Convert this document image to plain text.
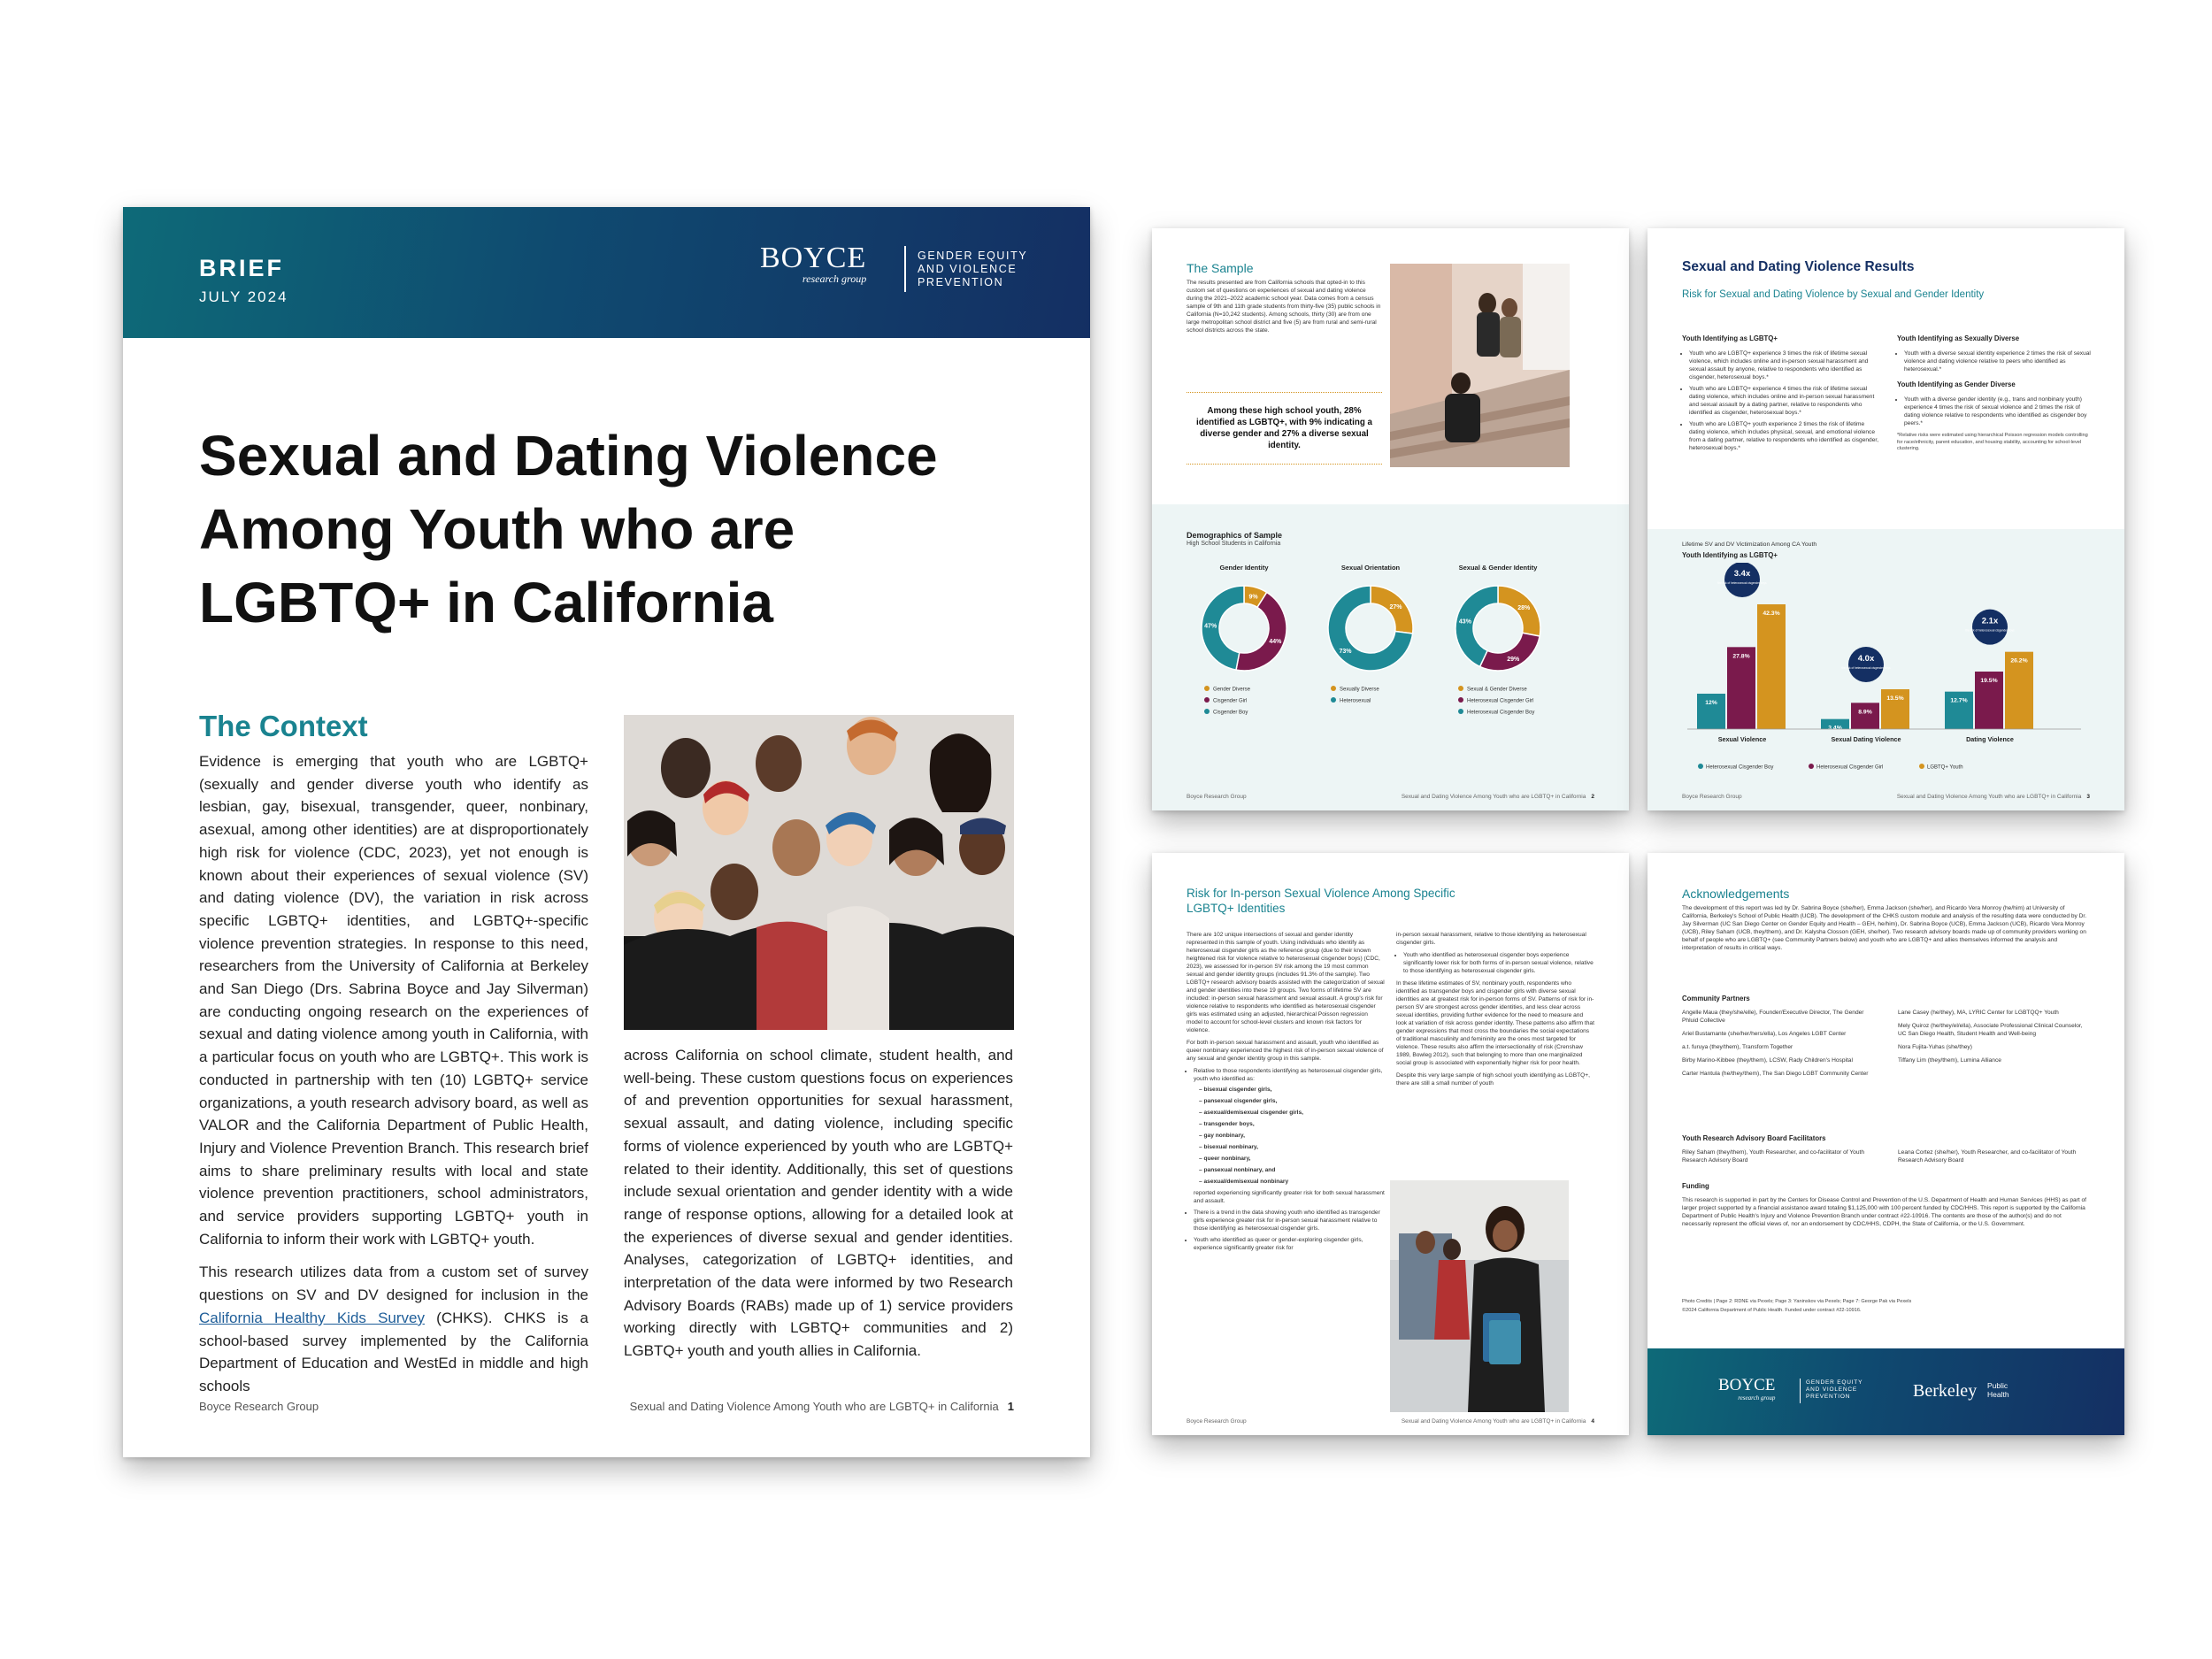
BRIEF
JULY 2024
BOYCE
research group
GENDER EQUITY AND VIOLENCE PREVENTION
Sexual and Dating Violence Among Youth who are LGBTQ+ in California
The Context

Evidence is emerging that youth who are LGBTQ+ (sexually and gender diverse youth who identify as lesbian, gay, bisexual, transgender, queer, nonbinary, asexual, among other identities) are at disproportionately high risk for violence (CDC, 2023), yet not enough is known about their experiences of sexual violence (SV) and dating violence (DV), the variation in risk across specific LGBTQ+ identities, and LGBTQ+-specific violence prevention strategies. In response to this need, researchers from the University of California at Berkeley and San Diego (Drs. Sabrina Boyce and Jay Silverman) are conducting ongoing research on the experiences of sexual and dating violence among youth in California, with a particular focus on youth who are LGBTQ+. This work is conducted in partnership with ten (10) LGBTQ+ service organizations, a youth research advisory board, as well as VALOR and the California Department of Public Health, Injury and Violence Prevention Branch. This research brief aims to share preliminary results with local and state violence prevention practitioners, school administrators, and service providers supporting LGBTQ+ youth in California to inform their work with LGBTQ+ youth.

This research utilizes data from a custom set of survey questions on SV and DV designed for inclusion in the California Healthy Kids Survey (CHKS). CHKS is a school-based survey implemented by the California Department of Education and WestEd in middle and high schools

across California on school climate, student health, and well-being. These custom questions focus on experiences of and prevention opportunities for sexual harassment, sexual assault, and dating violence, including specific forms of violence experienced by youth who are LGBTQ+ related to their identity. Additionally, this set of questions include sexual orientation and gender identity with a wide range of response options, allowing for a detailed look at the experiences of diverse sexual and gender identities. Analyses, categorization of LGBTQ+ identities, and interpretation of the data were informed by two Research Advisory Boards (RABs) made up of 1) service providers working directly with LGBTQ+ communities and 2) LGBTQ+ youth and youth allies in California.

Boyce Research Group	Sexual and Dating Violence Among Youth who are LGBTQ+ in California 1
The Sample
The results presented are from California schools that opted-in to this custom set of questions on experiences of sexual and dating violence during the 2021–2022 academic school year. Data comes from a census sample of 9th and 11th grade students from thirty-five (35) public schools in California (N=10,242 students). Among schools, thirty (30) are from one large metropolitan school district and five (5) are from rural and semi-rural school districts across the state.
Among these high school youth, 28% identified as LGBTQ+, with 9% indicating a diverse gender and 27% a diverse sexual identity.
Demographics of Sample
High School Students in California
Gender Identity
9%
44%
47%
Gender Diverse
Cisgender Girl
Cisgender Boy
Sexual Orientation
27%
73%
Sexually Diverse
Heterosexual
Sexual & Gender Identity
28%
29%
43%
Sexual & Gender Diverse
Heterosexual Cisgender Girl
Heterosexual Cisgender Boy
Boyce Research Group	Sexual and Dating Violence Among Youth who are LGBTQ+ in California 2
Sexual and Dating Violence Results
Risk for Sexual and Dating Violence by Sexual and Gender Identity
Youth Identifying as LGBTQ+
• Youth who are LGBTQ+ experience 3 times the risk of lifetime sexual violence, which includes online and in-person sexual harassment and sexual assault by anyone, relative to respondents who identified as cisgender, heterosexual boys.*
• Youth who are LGBTQ+ experience 4 times the risk of lifetime sexual dating violence, which includes online and in-person sexual harassment and sexual assault by a dating partner, relative to respondents who identified as cisgender, heterosexual boys.*
• Youth who are LGBTQ+ youth experience 2 times the risk of lifetime dating violence, which includes physical, sexual, and emotional violence from a dating partner, relative to respondents who identified as cisgender, heterosexual boys.*
Youth Identifying as Sexually Diverse
• Youth with a diverse sexual identity experience 2 times the risk of sexual violence and dating violence relative to peers who identified as heterosexual.*
Youth Identifying as Gender Diverse
• Youth with a diverse gender identity (e.g., trans and nonbinary youth) experience 4 times the risk of sexual violence and 2 times the risk of dating violence relative to respondents who identified as cisgender boy peers.*
*Relative risks were estimated using hierarchical Poisson regression models controlling for race/ethnicity, parent education, and housing stability, accounting for school-level clustering.
Lifetime SV and DV Victimization Among CA Youth
Youth Identifying as LGBTQ+
12%
27.8%
42.3%
Sexual Violence
3.4x
the risk of heterosexual cisgender boys
3.4%
8.9%
13.5%
Sexual Dating Violence
4.0x
the risk of heterosexual cisgender boys
12.7%
19.5%
26.2%
Dating Violence
2.1x
the risk of heterosexual cisgender boys
Heterosexual Cisgender Boy	Heterosexual Cisgender Girl	LGBTQ+ Youth
Boyce Research Group	Sexual and Dating Violence Among Youth who are LGBTQ+ in California 3
Risk for In-person Sexual Violence Among Specific LGBTQ+ Identities

There are 102 unique intersections of sexual and gender identity represented in this sample of youth. Using individuals who identify as heterosexual cisgender girls as the reference group (due to their known heightened risk for violence relative to heterosexual cisgender boys) (CDC, 2023), we assessed for in-person SV risk among the 19 most common sexual and gender identity groups (includes 91.3% of the sample). Two LGBTQ+ research advisory boards assisted with the categorization of sexual and gender identities into these 19 groups. Two forms of lifetime SV are included: in-person sexual harassment and sexual assault. A group's risk for violence relative to respondents who identified as heterosexual cisgender girls was estimated using an adjusted, hierarchical Poisson regression model to account for school-level clusters and known risk factors for violence.

For both in-person sexual harassment and assault, youth who identified as queer nonbinary experienced the highest risk of in-person sexual violence of any sexual and gender identity group in this sample.

• Relative to those respondents identifying as heterosexual cisgender girls, youth who identified as:
– bisexual cisgender girls,
– pansexual cisgender girls,
– asexual/demisexual cisgender girls,
– transgender boys,
– gay nonbinary,
– bisexual nonbinary,
– queer nonbinary,
– pansexual nonbinary, and
– asexual/demisexual nonbinary
reported experiencing significantly greater risk for both sexual harassment and assault.
• There is a trend in the data showing youth who identified as transgender girls experience greater risk for in-person sexual harassment relative to those identifying as heterosexual cisgender girls.
• Youth who identified as queer or gender-exploring cisgender girls, experience significantly greater risk for

in-person sexual harassment, relative to those identifying as heterosexual cisgender girls.

• Youth who identified as heterosexual cisgender boys experience significantly lower risk for both forms of in-person sexual violence, relative to those identifying as heterosexual cisgender girls.

In these lifetime estimates of SV, nonbinary youth, respondents who identified as transgender boys and cisgender girls with diverse sexual identities are at greatest risk for in-person forms of SV. Patterns of risk for in-person SV are strongest across gender identities, and less clear across sexual identities, providing further evidence for the need to measure and look at variation of risk across gender identity. These patterns also affirm that gender expressions that most cross the boundaries the social expectations of traditional masculinity and femininity are the ones most targeted for violence. These results also affirm the intersectionality of risk (Crenshaw 1989, Bowleg 2012), such that belonging to more than one marginalized social group is associated with exponentially higher risk for poor health.

Despite this very large sample of high school youth identifying as LGBTQ+, there are still a small number of youth

Boyce Research Group	Sexual and Dating Violence Among Youth who are LGBTQ+ in California 4
Acknowledgements
The development of this report was led by Dr. Sabrina Boyce (she/her), Emma Jackson (she/her), and Ricardo Vera Monroy (he/him) at University of California, Berkeley's School of Public Health (UCB). The development of the CHKS custom module and analysis of the resulting data were conducted by Dr. Jay Silverman (UC San Diego Center on Gender Equity and Health – GEH, he/him), Dr. Sabrina Boyce (UCB), Emma Jackson (UCB), Ricardo Vera Monroy (UCB), Riley Saham (UCB, they/them), and Dr. Kalysha Closson (GEH, she/her). Two research advisory boards made up of community providers working on behalf of people who are LGBTQ+ (see Community Partners below) and youth who are LGBTQ+ and allies themselves informed the analysis and interpretation of results in critical ways.
Community Partners
Angelle Maua (they/she/elle), Founder/Executive Director, The Gender Phluid Collective
Ariel Bustamante (she/her/hers/ella), Los Angeles LGBT Center
a.t. furuya (they/them), Transform Together
Birby Marino-Kibbee (they/them), LCSW, Rady Children's Hospital
Carter Hantula (he/they/them), The San Diego LGBT Community Center
Lane Casey (he/they), MA, LYRIC Center for LGBTQQ+ Youth
Mely Quiroz (he/they/el/ella), Associate Professional Clinical Counselor, UC San Diego Health, Student Health and Well-being
Nora Fujita-Yuhas (she/they)
Tiffany Lim (they/them), Lumina Alliance
Youth Research Advisory Board Facilitators
Riley Saham (they/them), Youth Researcher, and co-facilitator of Youth Research Advisory Board
Leana Cortez (she/her), Youth Researcher, and co-facilitator of Youth Research Advisory Board
Funding
This research is supported in part by the Centers for Disease Control and Prevention of the U.S. Department of Health and Human Services (HHS) as part of larger project supported by a financial assistance award totaling $1,125,000 with 100 percent funded by CDC/HHS. This report is supported by the California Department of Public Health's Injury and Violence Prevention Branch under contract #22-10916. The contents are those of the author(s) and do not necessarily represent the official views of, nor an endorsement by CDC/HHS, CDPH, the State of California, or the U.S. Government.
Photo Credits | Page 2: RDNE via Pexels; Page 3: Yaninskov via Pexels; Page 7: George Pak via Pexels
©2024 California Department of Public Health. Funded under contract #22-10916.
BOYCE
research group
GENDER EQUITY AND VIOLENCE PREVENTION	Berkeley Public
Health
